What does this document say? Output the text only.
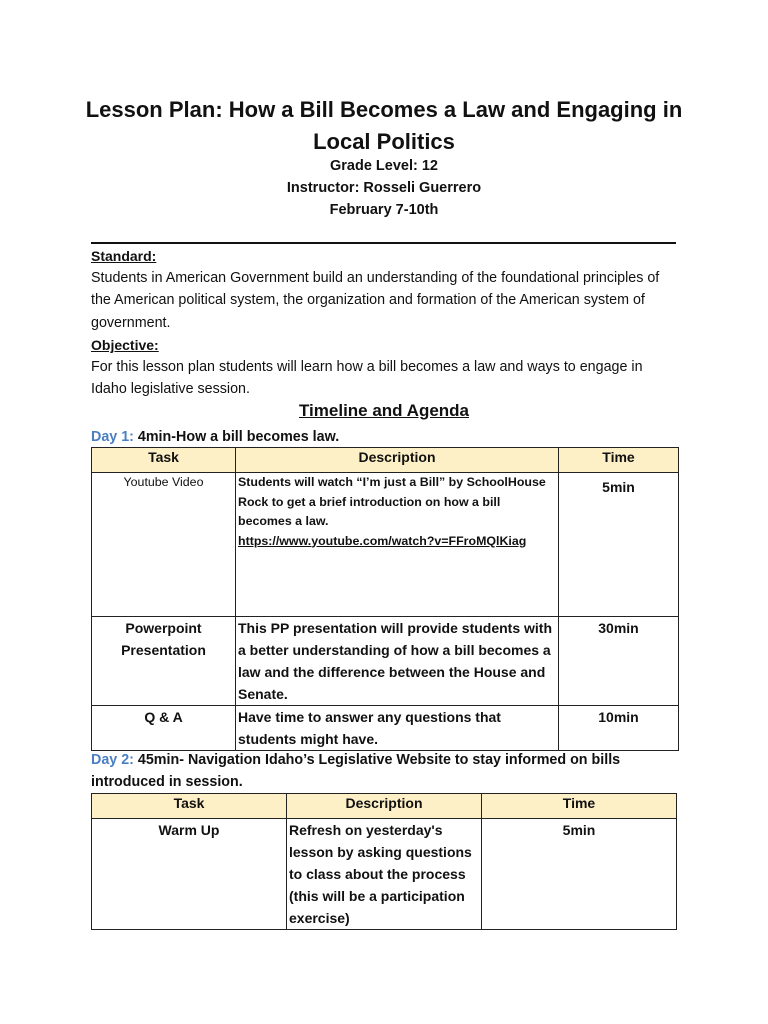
Lesson Plan: How a Bill Becomes a Law and Engaging in Local Politics
Grade Level: 12
Instructor: Rosseli Guerrero
February 7-10th
Standard:
Students in American Government build an understanding of the foundational principles of the American political system, the organization and formation of the American system of government.
Objective:
For this lesson plan students will learn how a bill becomes a law and ways to engage in Idaho legislative session.
Timeline and Agenda
Day 1: 4min-How a bill becomes law.
Task	Description	Time
Youtube Video	Students will watch “I’m just a Bill” by SchoolHouse Rock to get a brief introduction on how a bill becomes a law.
https://www.youtube.com/watch?v=FFroMQlKiag	5min
Powerpoint Presentation	This PP presentation will provide students with a better understanding of how a bill becomes a law and the difference between the House and Senate.	30min
Q & A	Have time to answer any questions that students might have.	10min
Day 2: 45min- Navigation Idaho’s Legislative Website to stay informed on bills introduced in session.
Task	Description	Time
Warm Up	Refresh on yesterday's lesson by asking questions to class about the process (this will be a participation exercise)	5min
